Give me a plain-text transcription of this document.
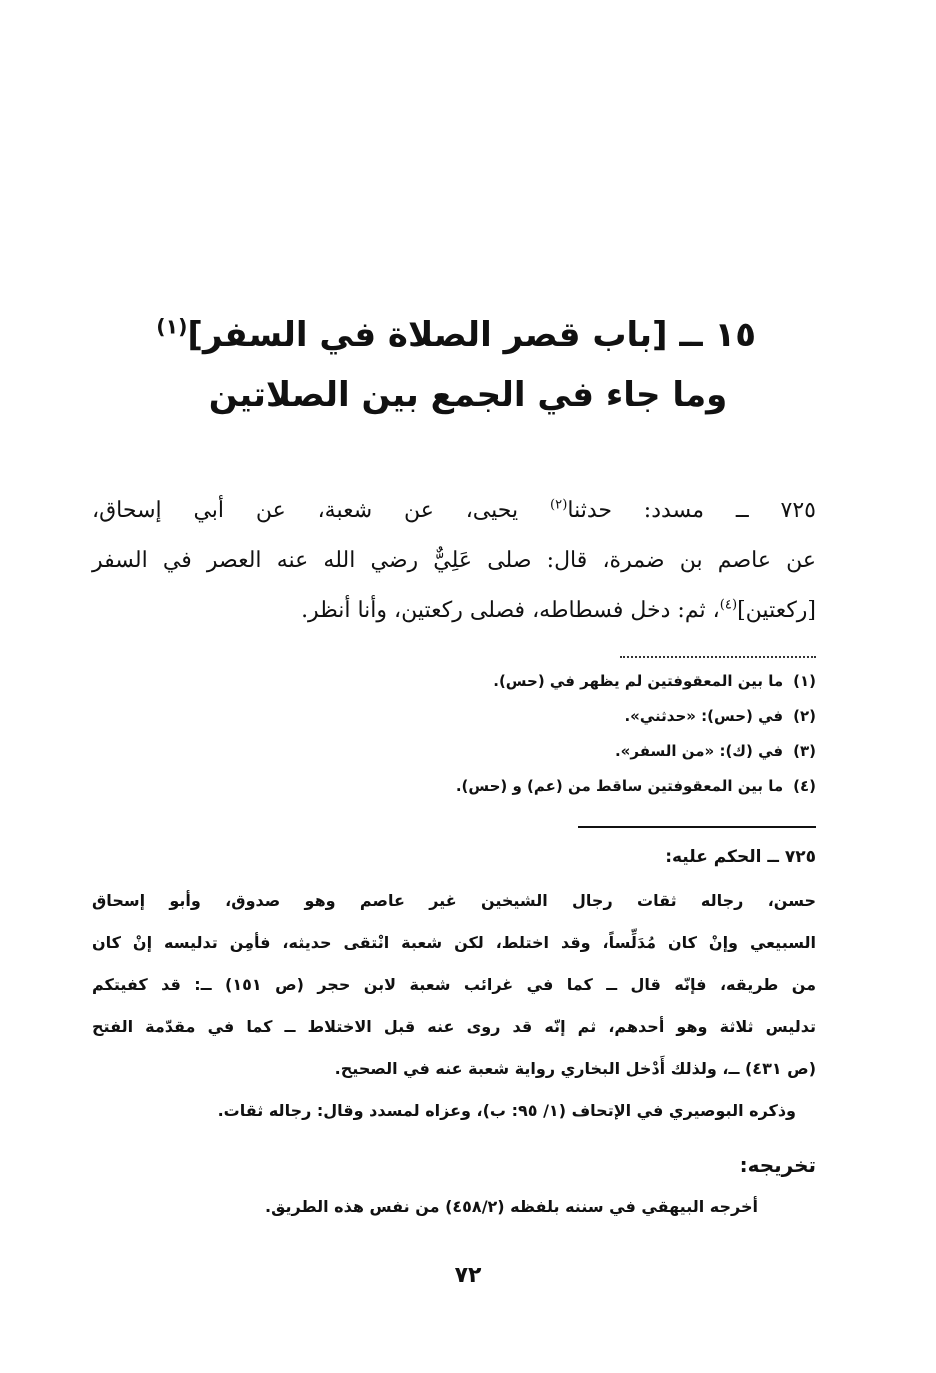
١٥ ــ [باب قصر الصلاة في السفر]$^{(١)}$
وما جاء في الجمع بين الصلاتين
٧٢٥ ــ مسدد: حدثنا$^{(٢)}$ يحيى، عن شعبة، عن أبي إسحاق،
عن عاصم بن ضمرة، قال: صلى عَلِيٌّ رضي الله عنه العصر في السفر
[ركعتين]$^{(٤)}$، ثم: دخل فسطاطه، فصلى ركعتين، وأنا أنظر.
(١)ما بين المعقوفتين لم يظهر في (حس).
(٢)في (حس): «حدثني».
(٣)في (ك): «من السفر».
(٤)ما بين المعقوفتين ساقط من (عم) و (حس).
٧٢٥ ــ الحكم عليه:
حسن، رجاله ثقات رجال الشيخين غير عاصم وهو صدوق، وأبو إسحاق
السبيعي وإنْ كان مُدَلِّساً، وقد اختلط، لكن شعبة انْتقى حديثه، فأمِن تدليسه إنْ كان
من طريقه، فإنّه قال ــ كما في غرائب شعبة لابن حجر (ص ١٥١) ــ: قد كفيتكم
تدليس ثلاثة وهو أحدهم، ثم إنّه قد روى عنه قبل الاختلاط ــ كما في مقدّمة الفتح
(ص ٤٣١) ــ، ولذلك أَدْخل البخاري رواية شعبة عنه في الصحيح.
وذكره البوصيري في الإتحاف (١/ ٩٥: ب)، وعزاه لمسدد وقال: رجاله ثقات.
تخريجه:
أخرجه البيهقي في سننه بلفظه (٤٥٨/٢) من نفس هذه الطريق.
٧٢
